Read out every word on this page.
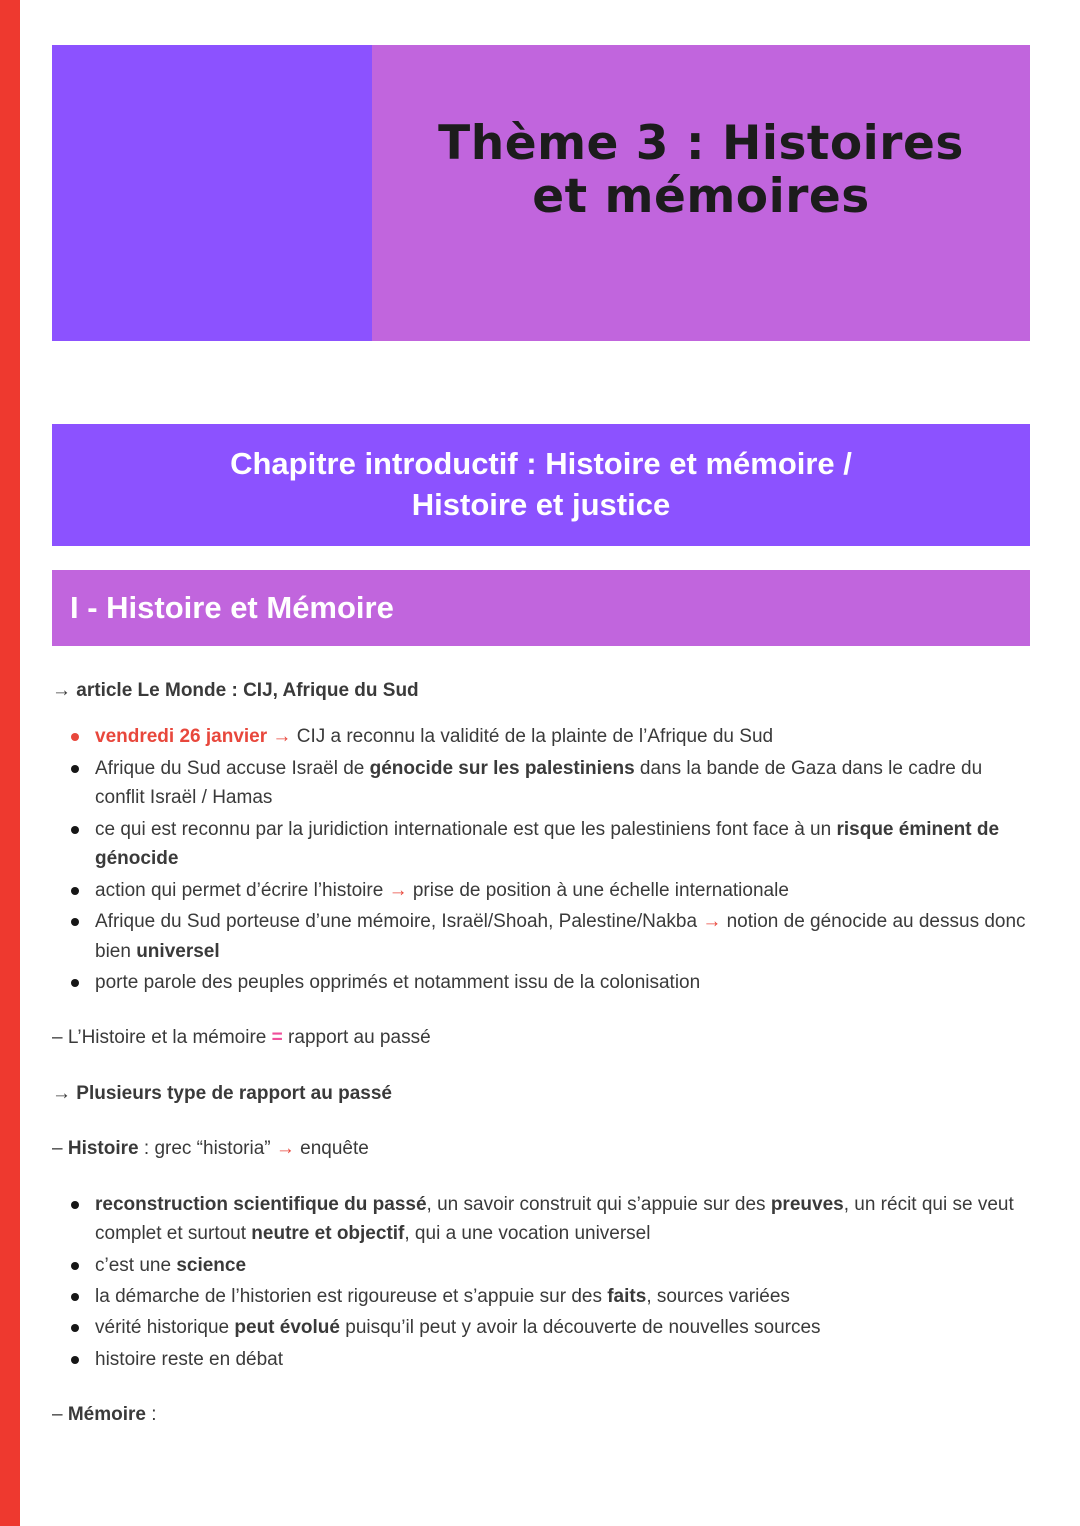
Thème 3 : Histoires
et mémoires
Chapitre introductif : Histoire et mémoire /
Histoire et justice
I - Histoire et Mémoire

→ article Le Monde : CIJ, Afrique du Sud

vendredi 26 janvier → CIJ a reconnu la validité de la plainte de l’Afrique du Sud
Afrique du Sud accuse Israël de génocide sur les palestiniens dans la bande de Gaza dans le cadre du conflit Israël / Hamas
ce qui est reconnu par la juridiction internationale est que les palestiniens font face à un risque éminent de génocide
action qui permet d’écrire l’histoire → prise de position à une échelle internationale
Afrique du Sud porteuse d’une mémoire, Israël/Shoah, Palestine/Nakba → notion de génocide au dessus donc bien universel
porte parole des peuples opprimés et notamment issu de la colonisation

– L’Histoire et la mémoire = rapport au passé

→ Plusieurs type de rapport au passé

– Histoire : grec “historia” → enquête

reconstruction scientifique du passé, un savoir construit qui s’appuie sur des preuves, un récit qui se veut complet et surtout neutre et objectif, qui a une vocation universel
c’est une science
la démarche de l’historien est rigoureuse et s’appuie sur des faits, sources variées
vérité historique peut évolué puisqu’il peut y avoir la découverte de nouvelles sources
histoire reste en débat

– Mémoire :
